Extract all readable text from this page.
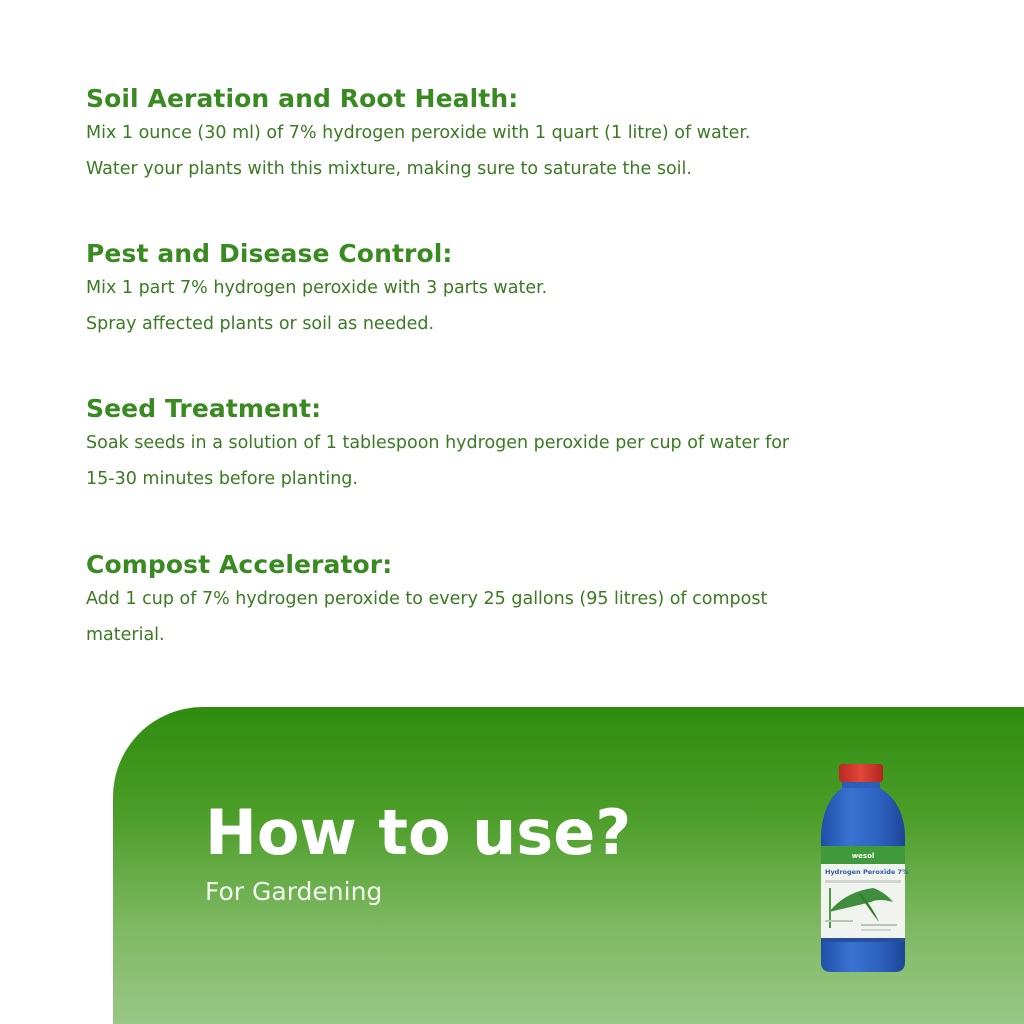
Soil Aeration and Root Health:

Mix 1 ounce (30 ml) of 7% hydrogen peroxide with 1 quart (1 litre) of water.

Water your plants with this mixture, making sure to saturate the soil.

Pest and Disease Control:

Mix 1 part 7% hydrogen peroxide with 3 parts water.

Spray affected plants or soil as needed.

Seed Treatment:

Soak seeds in a solution of 1 tablespoon hydrogen peroxide per cup of water for

15-30 minutes before planting.

Compost Accelerator:

Add 1 cup of 7% hydrogen peroxide to every 25 gallons (95 litres) of compost

material.

How to use?

For Gardening

wesol
Hydrogen Peroxide 7%
